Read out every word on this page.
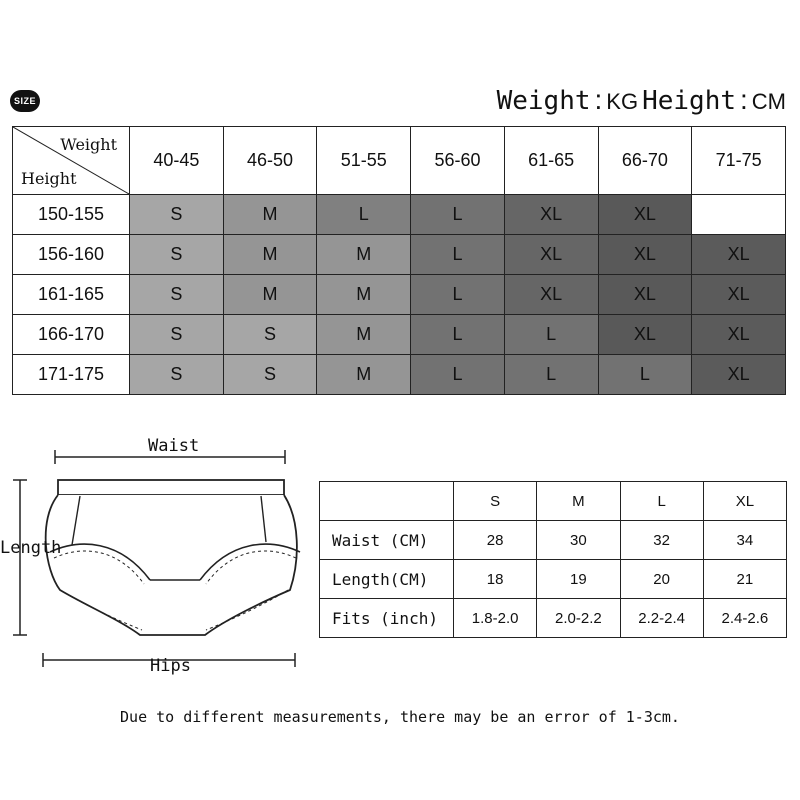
SIZE	Weight : KG Height : CM
Weight
Height	40-45	46-50	51-55	56-60	61-65	66-70	71-75
150-155	S	M	L	L	XL	XL	
156-160	S	M	M	L	XL	XL	XL
161-165	S	M	M	L	XL	XL	XL
166-170	S	S	M	L	L	XL	XL
171-175	S	S	M	L	L	L	XL
Waist
Length
Hips
	S	M	L	XL
Waist (CM)	28	30	32	34
Length(CM)	18	19	20	21
Fits (inch)	1.8-2.0	2.0-2.2	2.2-2.4	2.4-2.6
Due to different measurements, there may be an error of 1-3cm.
